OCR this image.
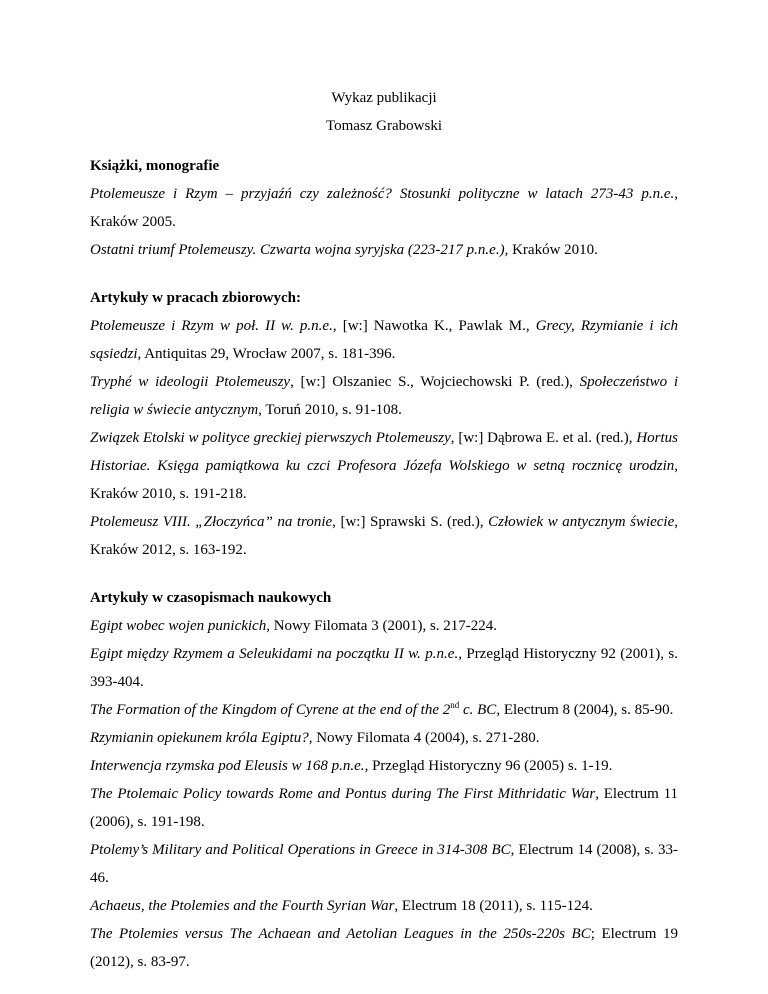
Wykaz publikacji
Tomasz Grabowski
Książki, monografie
Ptolemeusze i Rzym – przyjaźń czy zależność? Stosunki polityczne w latach 273-43 p.n.e., Kraków 2005.
Ostatni triumf Ptolemeuszy. Czwarta wojna syryjska (223-217 p.n.e.), Kraków 2010.
Artykuły w pracach zbiorowych:
Ptolemeusze i Rzym w poł. II w. p.n.e., [w:] Nawotka K., Pawlak M., Grecy, Rzymianie i ich sąsiedzi, Antiquitas 29, Wrocław 2007, s. 181-396.
Tryphé w ideologii Ptolemeuszy, [w:] Olszaniec S., Wojciechowski P. (red.), Społeczeństwo i religia w świecie antycznym, Toruń 2010, s. 91-108.
Związek Etolski w polityce greckiej pierwszych Ptolemeuszy, [w:] Dąbrowa E. et al. (red.), Hortus Historiae. Księga pamiątkowa ku czci Profesora Józefa Wolskiego w setną rocznicę urodzin, Kraków 2010, s. 191-218.
Ptolemeusz VIII. „Złoczyńca” na tronie, [w:] Sprawski S. (red.), Człowiek w antycznym świecie, Kraków 2012, s. 163-192.
Artykuły w czasopismach naukowych
Egipt wobec wojen punickich, Nowy Filomata 3 (2001), s. 217-224.
Egipt między Rzymem a Seleukidami na początku II w. p.n.e., Przegląd Historyczny 92 (2001), s. 393-404.
The Formation of the Kingdom of Cyrene at the end of the 2nd c. BC, Electrum 8 (2004), s. 85-90.
Rzymianin opiekunem króla Egiptu?, Nowy Filomata 4 (2004), s. 271-280.
Interwencja rzymska pod Eleusis w 168 p.n.e., Przegląd Historyczny 96 (2005) s. 1-19.
The Ptolemaic Policy towards Rome and Pontus during The First Mithridatic War, Electrum 11 (2006), s. 191-198.
Ptolemy’s Military and Political Operations in Greece in 314-308 BC, Electrum 14 (2008), s. 33-46.
Achaeus, the Ptolemies and the Fourth Syrian War, Electrum 18 (2011), s. 115-124.
The Ptolemies versus The Achaean and Aetolian Leagues in the 250s-220s BC; Electrum 19 (2012), s. 83-97.
